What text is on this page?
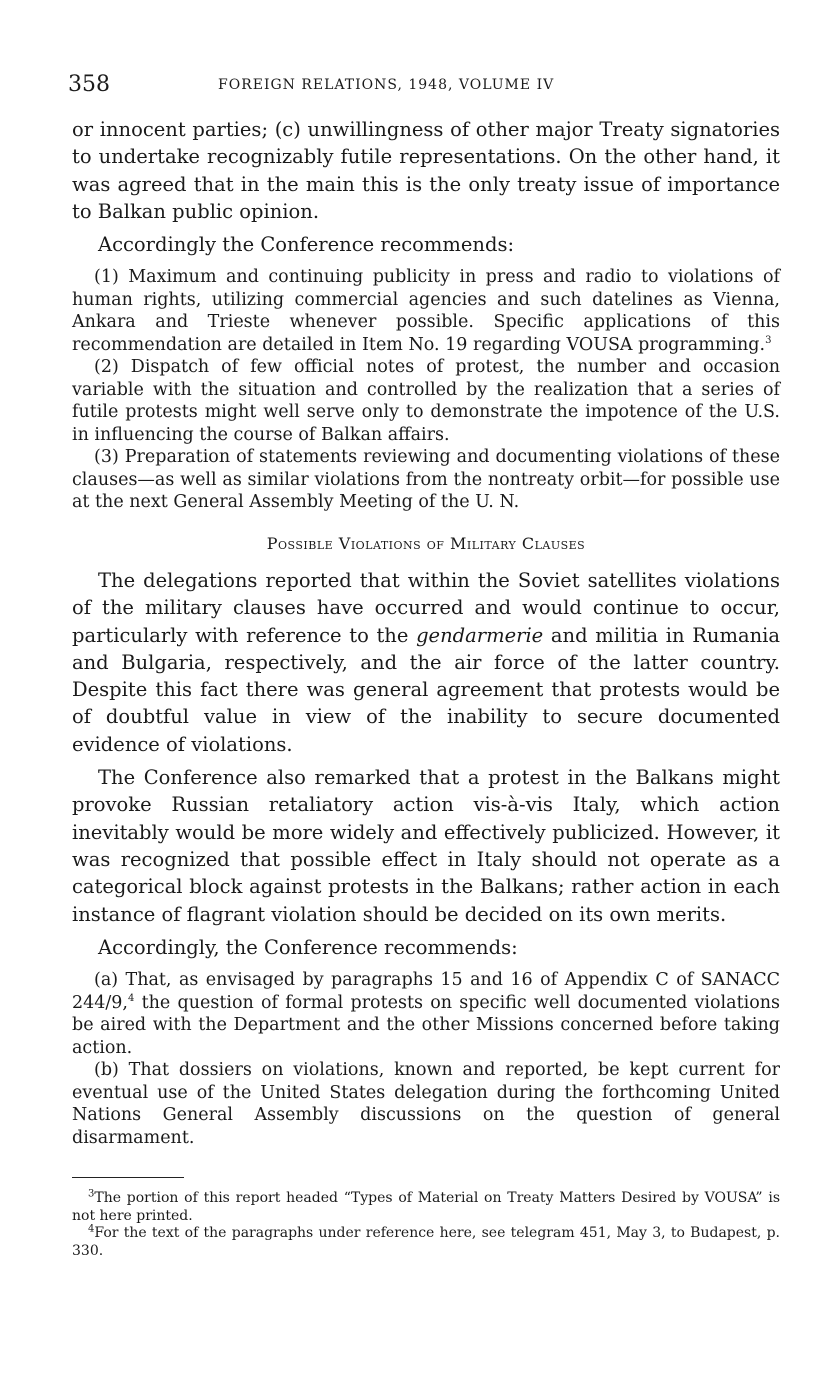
358	FOREIGN RELATIONS, 1948, VOLUME IV

or innocent parties; (c) unwillingness of other major Treaty signatories to undertake recognizably futile representations. On the other hand, it was agreed that in the main this is the only treaty issue of importance to Balkan public opinion.

Accordingly the Conference recommends:

(1) Maximum and continuing publicity in press and radio to violations of human rights, utilizing commercial agencies and such datelines as Vienna, Ankara and Trieste whenever possible. Specific applications of this recommendation are detailed in Item No. 19 regarding VOUSA programming.$^3$

(2) Dispatch of few official notes of protest, the number and occasion variable with the situation and controlled by the realization that a series of futile protests might well serve only to demonstrate the impotence of the U.S. in influencing the course of Balkan affairs.

(3) Preparation of statements reviewing and documenting violations of these clauses—as well as similar violations from the nontreaty orbit—for possible use at the next General Assembly Meeting of the U. N.

Possible Violations of Military Clauses

The delegations reported that within the Soviet satellites violations of the military clauses have occurred and would continue to occur, particularly with reference to the gendarmerie and militia in Rumania and Bulgaria, respectively, and the air force of the latter country. Despite this fact there was general agreement that protests would be of doubtful value in view of the inability to secure documented evidence of violations.

The Conference also remarked that a protest in the Balkans might provoke Russian retaliatory action vis-à-vis Italy, which action inevitably would be more widely and effectively publicized. However, it was recognized that possible effect in Italy should not operate as a categorical block against protests in the Balkans; rather action in each instance of flagrant violation should be decided on its own merits.

Accordingly, the Conference recommends:

(a) That, as envisaged by paragraphs 15 and 16 of Appendix C of SANACC 244/9,$^4$ the question of formal protests on specific well documented violations be aired with the Department and the other Missions concerned before taking action.

(b) That dossiers on violations, known and reported, be kept current for eventual use of the United States delegation during the forthcoming United Nations General Assembly discussions on the question of general disarmament.

$^3$The portion of this report headed “Types of Material on Treaty Matters Desired by VOUSA” is not here printed.

$^4$For the text of the paragraphs under reference here, see telegram 451, May 3, to Budapest, p. 330.
